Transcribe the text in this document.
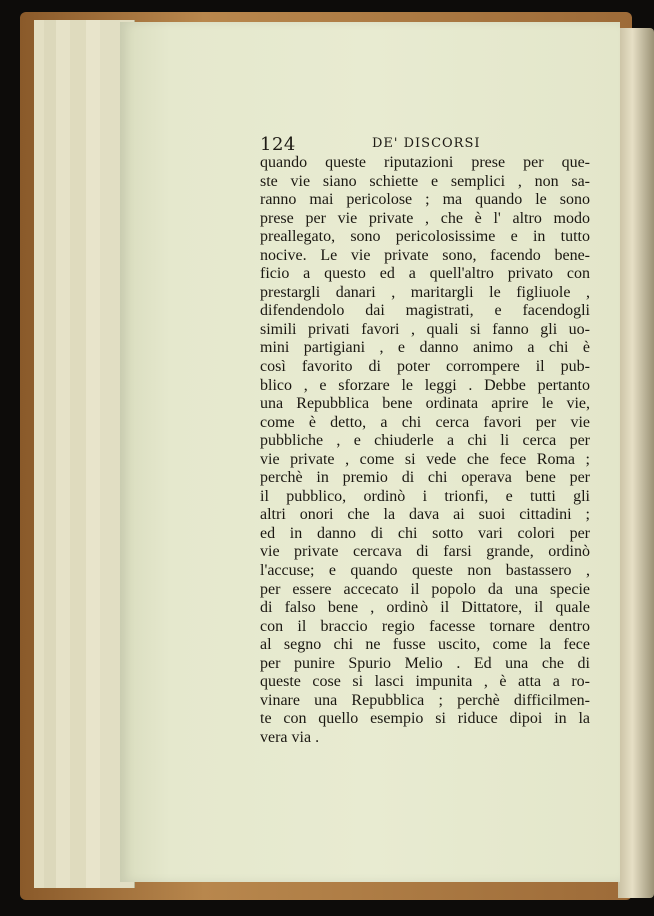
124	DE' DISCORSI
quando queste riputazioni prese per que-
ste vie siano schiette e semplici , non sa-
ranno mai pericolose ; ma quando le sono
prese per vie private , che è l' altro modo
preallegato, sono pericolosissime e in tutto
nocive. Le vie private sono, facendo bene-
ficio a questo ed a quell'altro privato con
prestargli danari , maritargli le figliuole ,
difendendolo dai magistrati, e facendogli
simili privati favori , quali si fanno gli uo-
mini partigiani , e danno animo a chi è
così favorito di poter corrompere il pub-
blico , e sforzare le leggi . Debbe pertanto
una Repubblica bene ordinata aprire le vie,
come è detto, a chi cerca favori per vie
pubbliche , e chiuderle a chi li cerca per
vie private , come si vede che fece Roma ;
perchè in premio di chi operava bene per
il pubblico, ordinò i trionfi, e tutti gli
altri onori che la dava ai suoi cittadini ;
ed in danno di chi sotto vari colori per
vie private cercava di farsi grande, ordinò
l'accuse; e quando queste non bastassero ,
per essere accecato il popolo da una specie
di falso bene , ordinò il Dittatore, il quale
con il braccio regio facesse tornare dentro
al segno chi ne fusse uscito, come la fece
per punire Spurio Melio . Ed una che di
queste cose si lasci impunita , è atta a ro-
vinare una Repubblica ; perchè difficilmen-
te con quello esempio si riduce dipoi in la
vera via .
